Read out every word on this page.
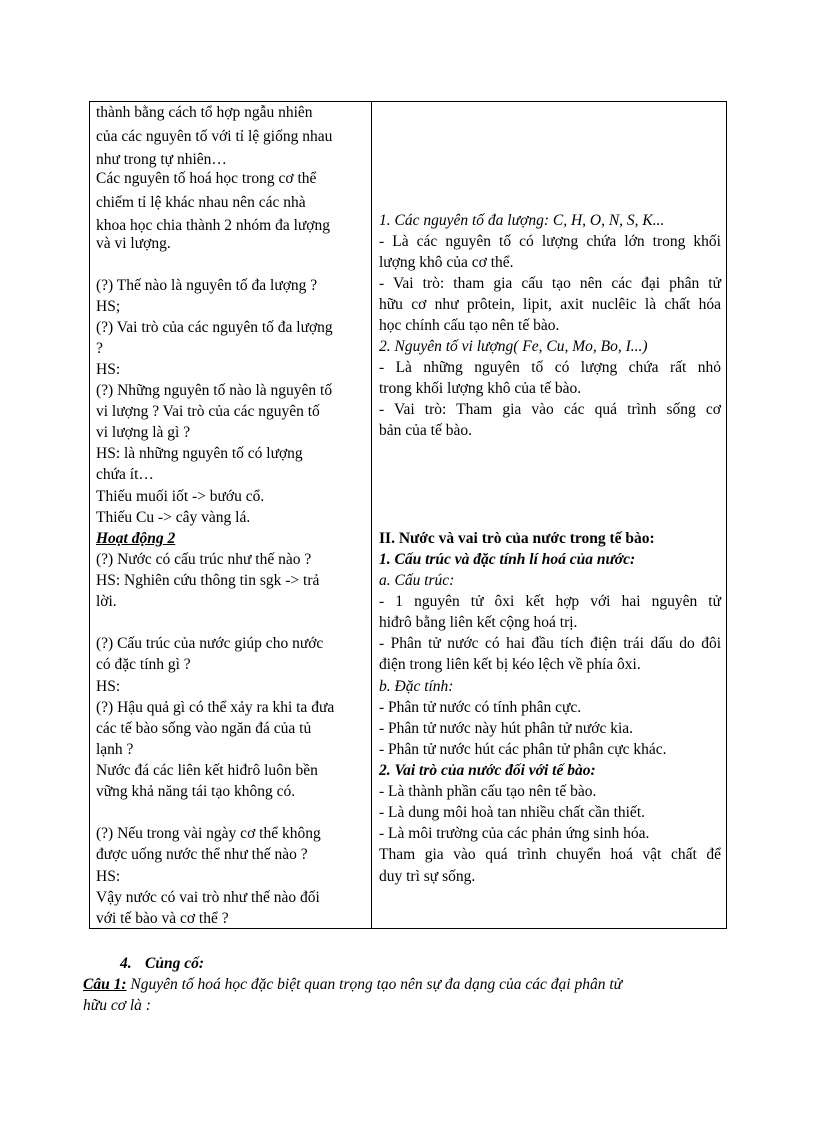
thành bằng cách tổ hợp ngẫu nhiên
của các nguyên tố với tỉ lệ giống nhau
như trong tự nhiên…
Các nguyên tố hoá học trong cơ thể
chiếm tỉ lệ khác nhau nên các nhà
khoa học chia thành 2 nhóm đa lượng
và vi lượng.
(?) Thế nào là nguyên tố đa lượng ?
HS;
(?) Vai trò của các nguyên tố đa lượng
?
HS:
(?) Những nguyên tố nào là nguyên tố
vi lượng ? Vai trò của các nguyên tố
vi lượng là gì ?
HS: là những nguyên tố có lượng
chứa ít…
Thiếu muối iốt -> bướu cổ.
Thiếu Cu -> cây vàng lá.
Hoạt động 2
(?) Nước có cấu trúc như thế nào ?
HS: Nghiên cứu thông tin sgk -> trả
lời.
(?) Cấu trúc của nước giúp cho nước
có đặc tính gì ?
HS:
(?) Hậu quả gì có thể xảy ra khi ta đưa
các tế bào sống vào ngăn đá của tủ
lạnh ?
Nước đá các liên kết hiđrô luôn bền
vững khả năng tái tạo không có.
(?) Nếu trong vài ngày cơ thể không
được uống nước thể như thế nào ?
HS:
Vậy nước có vai trò như thế nào đối
với tế bào và cơ thể ?
1. Các nguyên tố đa lượng: C, H, O, N, S, K...
- Là các nguyên tố có lượng chứa lớn trong khối
lượng khô của cơ thể.
- Vai trò: tham gia cấu tạo nên các đại phân tử
hữu cơ như prôtein, lipit, axit nuclêic là chất hóa
học chính cấu tạo nên tế bào.
2. Nguyên tố vi lượng( Fe, Cu, Mo, Bo, I...)
- Là những nguyên tố có lượng chứa rất nhỏ
trong khối lượng khô của tế bào.
- Vai trò: Tham gia vào các quá trình sống cơ
bản của tế bào.
II. Nước và vai trò của nước trong tế bào:
1. Cấu trúc và đặc tính lí hoá của nước:
a. Cấu trúc:
- 1 nguyên tử ôxi kết hợp với hai nguyên tử
hiđrô bằng liên kết cộng hoá trị.
- Phân tử nước có hai đầu tích điện trái dấu do đôi
điện trong liên kết bị kéo lệch về phía ôxi.
b. Đặc tính:
- Phân tử nước có tính phân cực.
- Phân tử nước này hút phân tử nước kia.
- Phân tử nước hút các phân tử phân cực khác.
2. Vai trò của nước đối với tế bào:
- Là thành phần cấu tạo nên tế bào.
- Là dung môi hoà tan nhiều chất cần thiết.
- Là môi trường của các phản ứng sinh hóa.
Tham gia vào quá trình chuyển hoá vật chất để
duy trì sự sống.
4. Củng cố:
Câu 1: Nguyên tố hoá học đặc biệt quan trọng tạo nên sự đa dạng của các đại phân tử
hữu cơ là :
